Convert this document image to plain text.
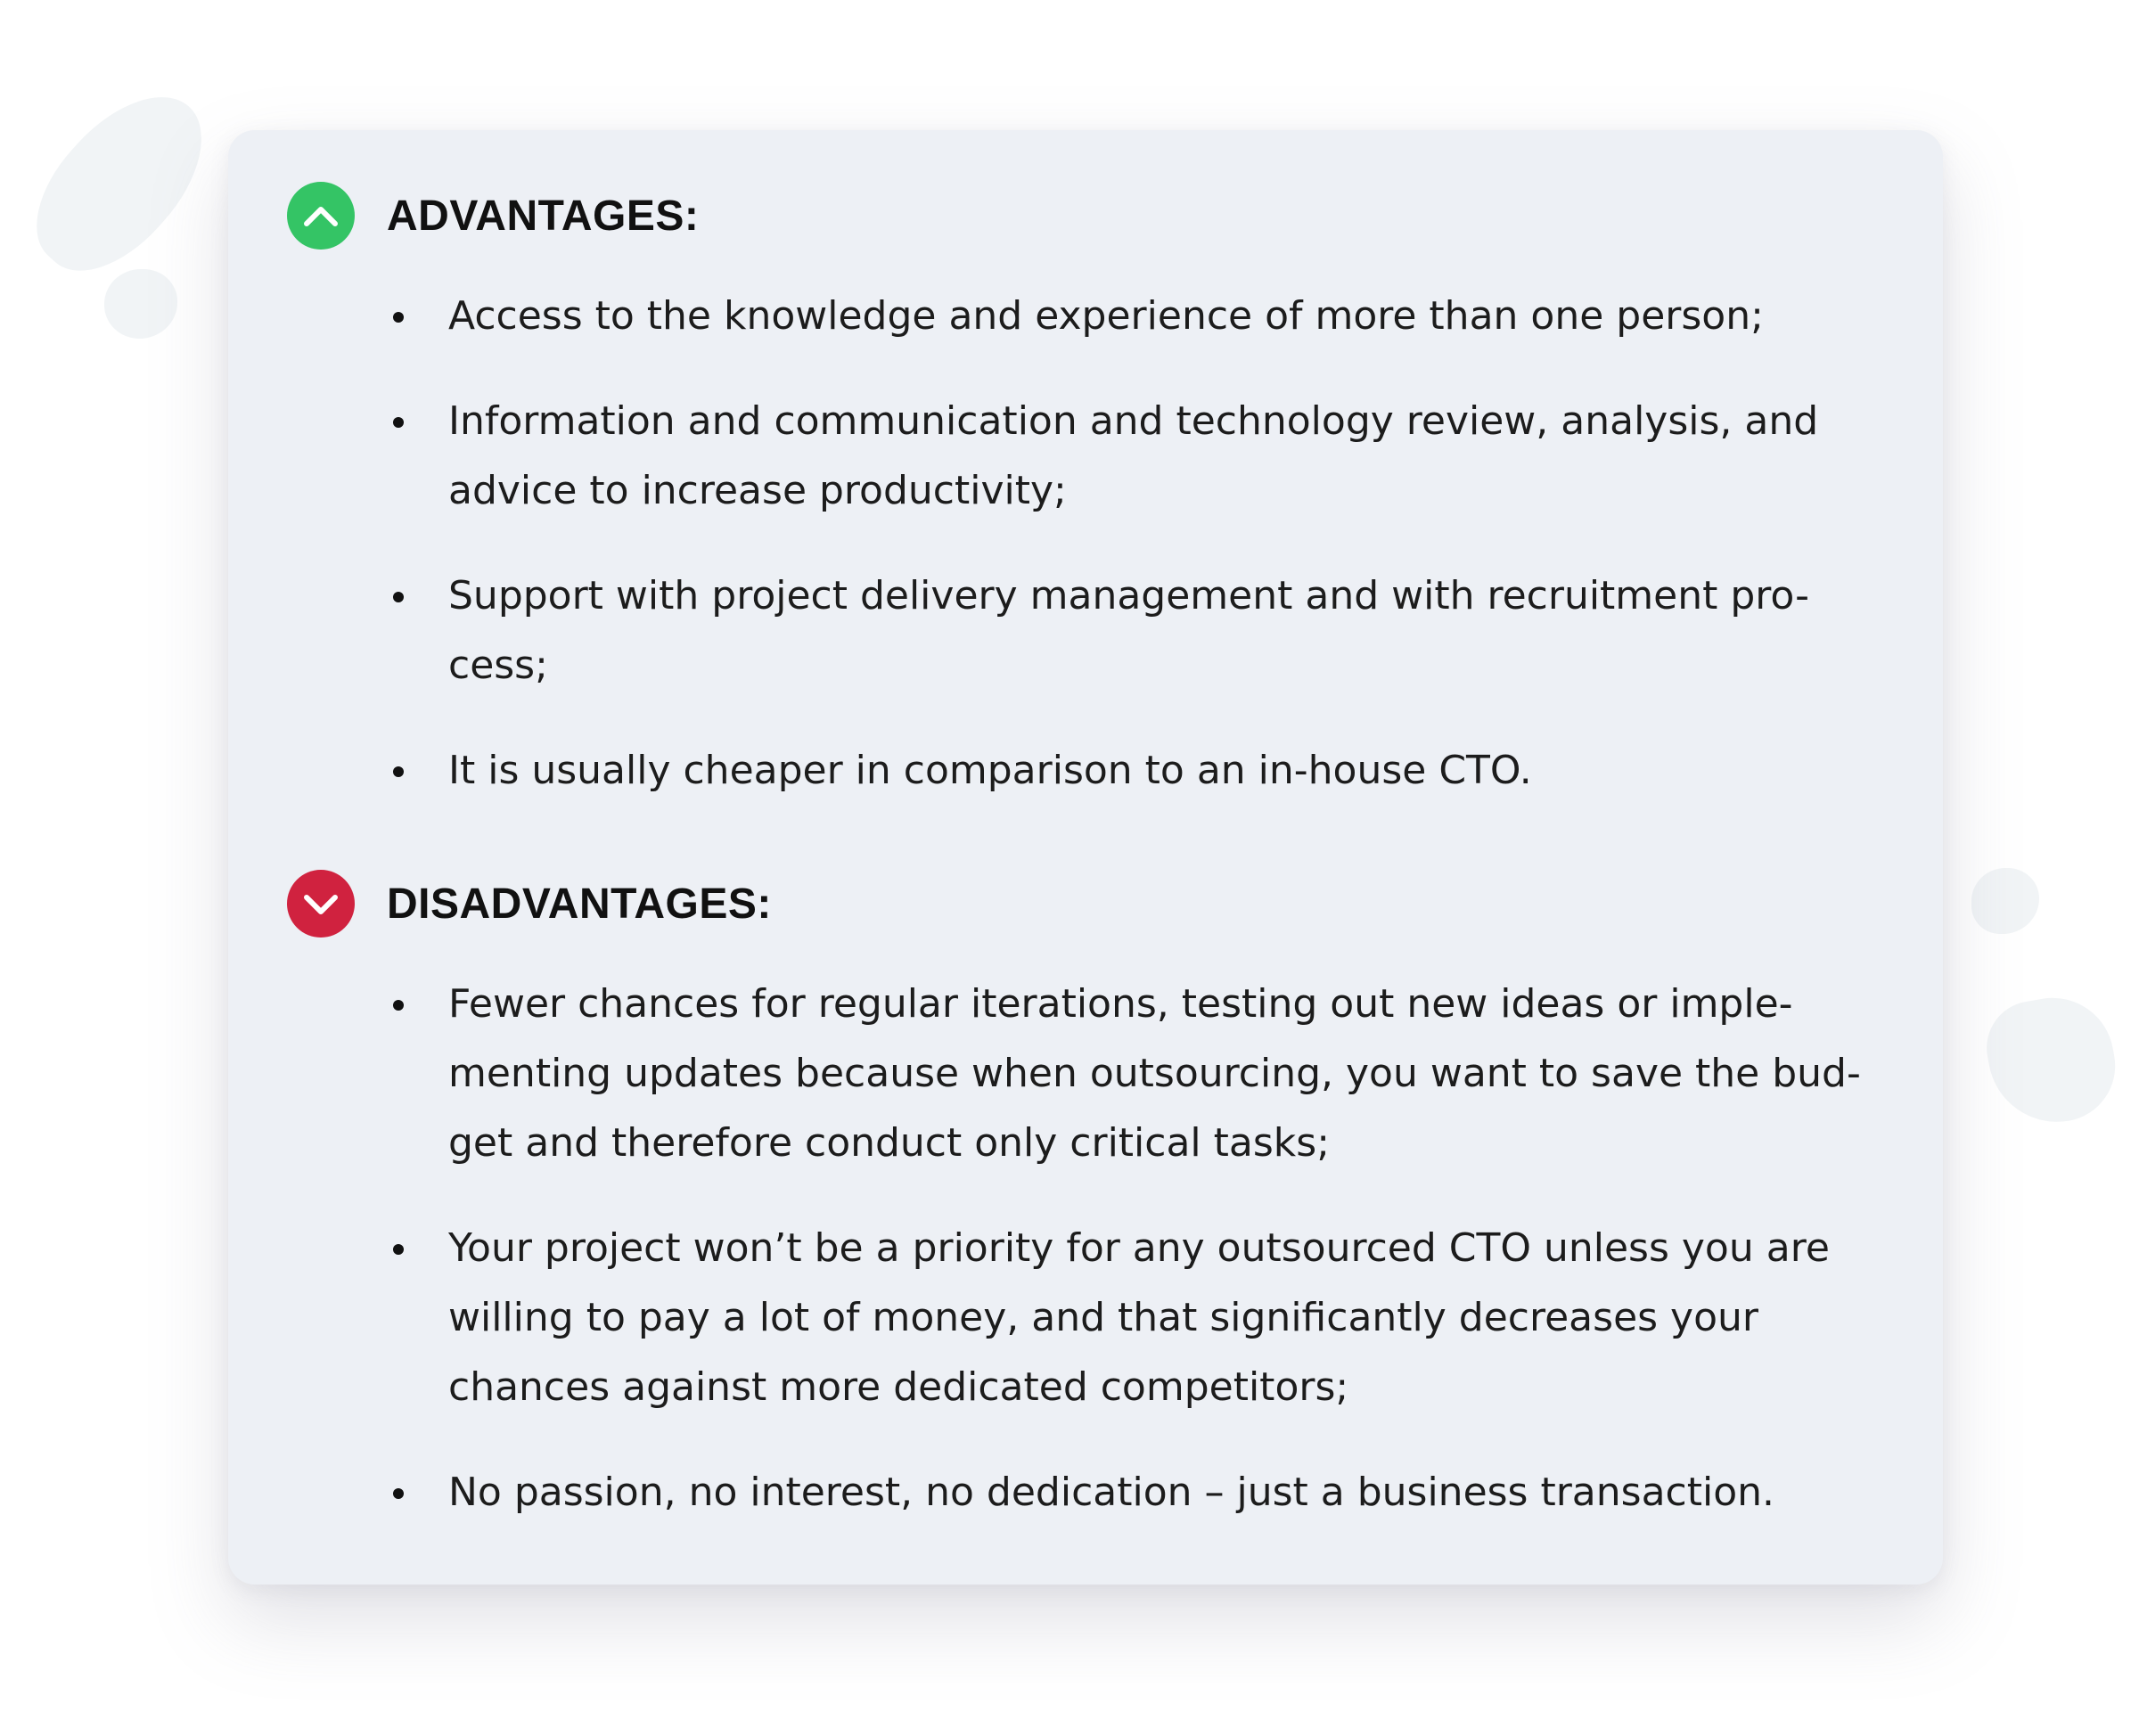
ADVANTAGES:
Access to the knowledge and experience of more than one person;
Information and communication and technology review, analysis, and advice to increase productivity;
Support with project delivery management and with recruitment pro-cess;
It is usually cheaper in comparison to an in-house CTO.
DISADVANTAGES:
Fewer chances for regular iterations, testing out new ideas or imple-menting updates because when outsourcing, you want to save the bud-get and therefore conduct only critical tasks;
Your project won’t be a priority for any outsourced CTO unless you are willing to pay a lot of money, and that significantly decreases your chances against more dedicated competitors;
No passion, no interest, no dedication – just a business transaction.
